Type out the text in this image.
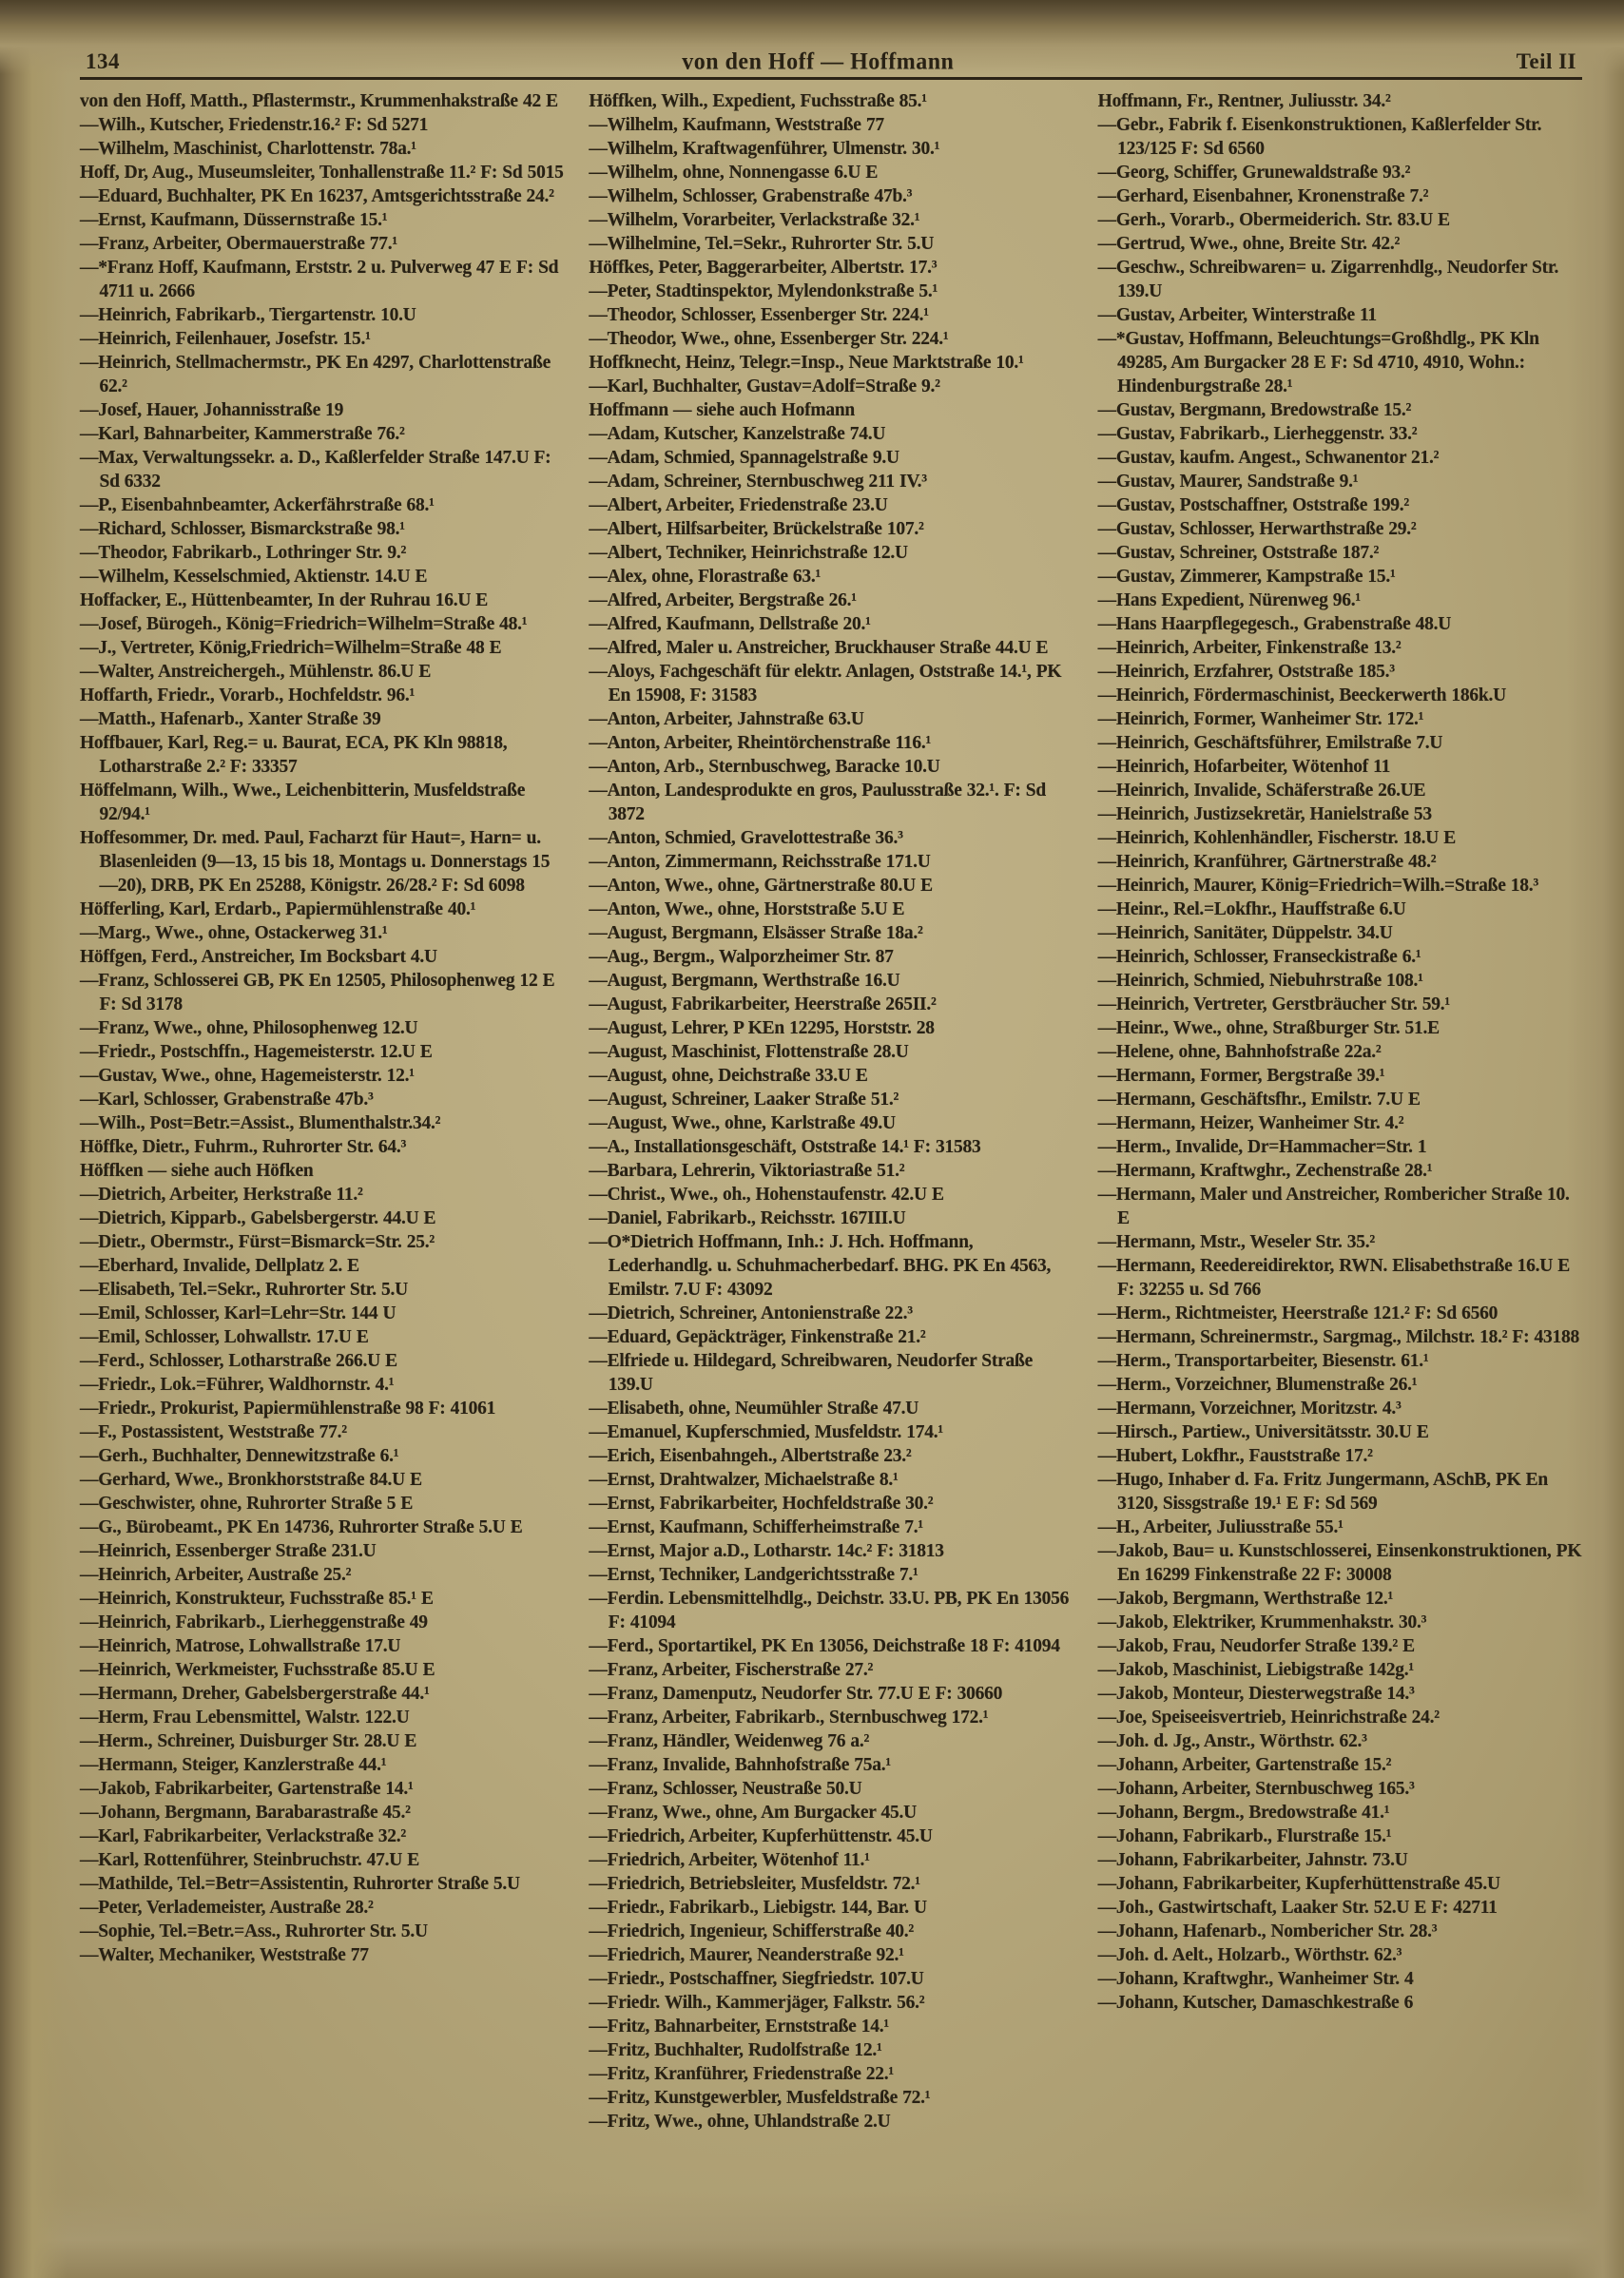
134	von den Hoff — Hoffmann	Teil II

von den Hoff, Matth., Pflastermstr., Krummenhakstraße 42 E

—Wilh., Kutscher, Friedenstr.16.² F: Sd 5271

—Wilhelm, Maschinist, Charlottenstr. 78a.¹

Hoff, Dr, Aug., Museumsleiter, Tonhallenstraße 11.² F: Sd 5015

—Eduard, Buchhalter, PK En 16237, Amtsgerichtsstraße 24.²

—Ernst, Kaufmann, Düssernstraße 15.¹

—Franz, Arbeiter, Obermauerstraße 77.¹

—*Franz Hoff, Kaufmann, Erststr. 2 u. Pulverweg 47 E F: Sd 4711 u. 2666

—Heinrich, Fabrikarb., Tiergartenstr. 10.U

—Heinrich, Feilenhauer, Josefstr. 15.¹

—Heinrich, Stellmachermstr., PK En 4297, Charlottenstraße 62.²

—Josef, Hauer, Johannisstraße 19

—Karl, Bahnarbeiter, Kammerstraße 76.²

—Max, Verwaltungssekr. a. D., Kaßlerfelder Straße 147.U F: Sd 6332

—P., Eisenbahnbeamter, Ackerfährstraße 68.¹

—Richard, Schlosser, Bismarckstraße 98.¹

—Theodor, Fabrikarb., Lothringer Str. 9.²

—Wilhelm, Kesselschmied, Aktienstr. 14.U E

Hoffacker, E., Hüttenbeamter, In der Ruhrau 16.U E

—Josef, Bürogeh., König=Friedrich=Wilhelm=Straße 48.¹

—J., Vertreter, König,Friedrich=Wilhelm=Straße 48 E

—Walter, Anstreichergeh., Mühlenstr. 86.U E

Hoffarth, Friedr., Vorarb., Hochfeldstr. 96.¹

—Matth., Hafenarb., Xanter Straße 39

Hoffbauer, Karl, Reg.= u. Baurat, ECA, PK Kln 98818, Lotharstraße 2.² F: 33357

Höffelmann, Wilh., Wwe., Leichenbitterin, Musfeldstraße 92/94.¹

Hoffesommer, Dr. med. Paul, Facharzt für Haut=, Harn= u. Blasenleiden (9—13, 15 bis 18, Montags u. Donnerstags 15—20), DRB, PK En 25288, Königstr. 26/28.² F: Sd 6098

Höfferling, Karl, Erdarb., Papiermühlenstraße 40.¹

—Marg., Wwe., ohne, Ostackerweg 31.¹

Höffgen, Ferd., Anstreicher, Im Bocksbart 4.U

—Franz, Schlosserei GB, PK En 12505, Philosophenweg 12 E F: Sd 3178

—Franz, Wwe., ohne, Philosophenweg 12.U

—Friedr., Postschffn., Hagemeisterstr. 12.U E

—Gustav, Wwe., ohne, Hagemeisterstr. 12.¹

—Karl, Schlosser, Grabenstraße 47b.³

—Wilh., Post=Betr.=Assist., Blumenthalstr.34.²

Höffke, Dietr., Fuhrm., Ruhrorter Str. 64.³

Höffken — siehe auch Höfken

—Dietrich, Arbeiter, Herkstraße 11.²

—Dietrich, Kipparb., Gabelsbergerstr. 44.U E

—Dietr., Obermstr., Fürst=Bismarck=Str. 25.²

—Eberhard, Invalide, Dellplatz 2. E

—Elisabeth, Tel.=Sekr., Ruhrorter Str. 5.U

—Emil, Schlosser, Karl=Lehr=Str. 144 U

—Emil, Schlosser, Lohwallstr. 17.U E

—Ferd., Schlosser, Lotharstraße 266.U E

—Friedr., Lok.=Führer, Waldhornstr. 4.¹

—Friedr., Prokurist, Papiermühlenstraße 98 F: 41061

—F., Postassistent, Weststraße 77.²

—Gerh., Buchhalter, Dennewitzstraße 6.¹

—Gerhard, Wwe., Bronkhorststraße 84.U E

—Geschwister, ohne, Ruhrorter Straße 5 E

—G., Bürobeamt., PK En 14736, Ruhrorter Straße 5.U E

—Heinrich, Essenberger Straße 231.U

—Heinrich, Arbeiter, Austraße 25.²

—Heinrich, Konstrukteur, Fuchsstraße 85.¹ E

—Heinrich, Fabrikarb., Lierheggenstraße 49

—Heinrich, Matrose, Lohwallstraße 17.U

—Heinrich, Werkmeister, Fuchsstraße 85.U E

—Hermann, Dreher, Gabelsbergerstraße 44.¹

—Herm, Frau Lebensmittel, Walstr. 122.U

—Herm., Schreiner, Duisburger Str. 28.U E

—Hermann, Steiger, Kanzlerstraße 44.¹

—Jakob, Fabrikarbeiter, Gartenstraße 14.¹

—Johann, Bergmann, Barabarastraße 45.²

—Karl, Fabrikarbeiter, Verlackstraße 32.²

—Karl, Rottenführer, Steinbruchstr. 47.U E

—Mathilde, Tel.=Betr=Assistentin, Ruhrorter Straße 5.U

—Peter, Verlademeister, Austraße 28.²

—Sophie, Tel.=Betr.=Ass., Ruhrorter Str. 5.U

—Walter, Mechaniker, Weststraße 77

Höffken, Wilh., Expedient, Fuchsstraße 85.¹

—Wilhelm, Kaufmann, Weststraße 77

—Wilhelm, Kraftwagenführer, Ulmenstr. 30.¹

—Wilhelm, ohne, Nonnengasse 6.U E

—Wilhelm, Schlosser, Grabenstraße 47b.³

—Wilhelm, Vorarbeiter, Verlackstraße 32.¹

—Wilhelmine, Tel.=Sekr., Ruhrorter Str. 5.U

Höffkes, Peter, Baggerarbeiter, Albertstr. 17.³

—Peter, Stadtinspektor, Mylendonkstraße 5.¹

—Theodor, Schlosser, Essenberger Str. 224.¹

—Theodor, Wwe., ohne, Essenberger Str. 224.¹

Hoffknecht, Heinz, Telegr.=Insp., Neue Marktstraße 10.¹

—Karl, Buchhalter, Gustav=Adolf=Straße 9.²

Hoffmann — siehe auch Hofmann

—Adam, Kutscher, Kanzelstraße 74.U

—Adam, Schmied, Spannagelstraße 9.U

—Adam, Schreiner, Sternbuschweg 211 IV.³

—Albert, Arbeiter, Friedenstraße 23.U

—Albert, Hilfsarbeiter, Brückelstraße 107.²

—Albert, Techniker, Heinrichstraße 12.U

—Alex, ohne, Florastraße 63.¹

—Alfred, Arbeiter, Bergstraße 26.¹

—Alfred, Kaufmann, Dellstraße 20.¹

—Alfred, Maler u. Anstreicher, Bruckhauser Straße 44.U E

—Aloys, Fachgeschäft für elektr. Anlagen, Oststraße 14.¹, PK En 15908, F: 31583

—Anton, Arbeiter, Jahnstraße 63.U

—Anton, Arbeiter, Rheintörchenstraße 116.¹

—Anton, Arb., Sternbuschweg, Baracke 10.U

—Anton, Landesprodukte en gros, Paulusstraße 32.¹. F: Sd 3872

—Anton, Schmied, Gravelottestraße 36.³

—Anton, Zimmermann, Reichsstraße 171.U

—Anton, Wwe., ohne, Gärtnerstraße 80.U E

—Anton, Wwe., ohne, Horststraße 5.U E

—August, Bergmann, Elsässer Straße 18a.²

—Aug., Bergm., Walporzheimer Str. 87

—August, Bergmann, Werthstraße 16.U

—August, Fabrikarbeiter, Heerstraße 265II.²

—August, Lehrer, P KEn 12295, Horststr. 28

—August, Maschinist, Flottenstraße 28.U

—August, ohne, Deichstraße 33.U E

—August, Schreiner, Laaker Straße 51.²

—August, Wwe., ohne, Karlstraße 49.U

—A., Installationsgeschäft, Oststraße 14.¹ F: 31583

—Barbara, Lehrerin, Viktoriastraße 51.²

—Christ., Wwe., oh., Hohenstaufenstr. 42.U E

—Daniel, Fabrikarb., Reichsstr. 167III.U

—O*Dietrich Hoffmann, Inh.: J. Hch. Hoffmann, Lederhandlg. u. Schuhmacherbedarf. BHG. PK En 4563, Emilstr. 7.U F: 43092

—Dietrich, Schreiner, Antonienstraße 22.³

—Eduard, Gepäckträger, Finkenstraße 21.²

—Elfriede u. Hildegard, Schreibwaren, Neudorfer Straße 139.U

—Elisabeth, ohne, Neumühler Straße 47.U

—Emanuel, Kupferschmied, Musfeldstr. 174.¹

—Erich, Eisenbahngeh., Albertstraße 23.²

—Ernst, Drahtwalzer, Michaelstraße 8.¹

—Ernst, Fabrikarbeiter, Hochfeldstraße 30.²

—Ernst, Kaufmann, Schifferheimstraße 7.¹

—Ernst, Major a.D., Lotharstr. 14c.² F: 31813

—Ernst, Techniker, Landgerichtsstraße 7.¹

—Ferdin. Lebensmittelhdlg., Deichstr. 33.U. PB, PK En 13056 F: 41094

—Ferd., Sportartikel, PK En 13056, Deichstraße 18 F: 41094

—Franz, Arbeiter, Fischerstraße 27.²

—Franz, Damenputz, Neudorfer Str. 77.U E F: 30660

—Franz, Arbeiter, Fabrikarb., Sternbuschweg 172.¹

—Franz, Händler, Weidenweg 76 a.²

—Franz, Invalide, Bahnhofstraße 75a.¹

—Franz, Schlosser, Neustraße 50.U

—Franz, Wwe., ohne, Am Burgacker 45.U

—Friedrich, Arbeiter, Kupferhüttenstr. 45.U

—Friedrich, Arbeiter, Wötenhof 11.¹

—Friedrich, Betriebsleiter, Musfeldstr. 72.¹

—Friedr., Fabrikarb., Liebigstr. 144, Bar. U

—Friedrich, Ingenieur, Schifferstraße 40.²

—Friedrich, Maurer, Neanderstraße 92.¹

—Friedr., Postschaffner, Siegfriedstr. 107.U

—Friedr. Wilh., Kammerjäger, Falkstr. 56.²

—Fritz, Bahnarbeiter, Ernststraße 14.¹

—Fritz, Buchhalter, Rudolfstraße 12.¹

—Fritz, Kranführer, Friedenstraße 22.¹

—Fritz, Kunstgewerbler, Musfeldstraße 72.¹

—Fritz, Wwe., ohne, Uhlandstraße 2.U

Hoffmann, Fr., Rentner, Juliusstr. 34.²

—Gebr., Fabrik f. Eisenkonstruktionen, Kaßlerfelder Str. 123/125 F: Sd 6560

—Georg, Schiffer, Grunewaldstraße 93.²

—Gerhard, Eisenbahner, Kronenstraße 7.²

—Gerh., Vorarb., Obermeiderich. Str. 83.U E

—Gertrud, Wwe., ohne, Breite Str. 42.²

—Geschw., Schreibwaren= u. Zigarrenhdlg., Neudorfer Str. 139.U

—Gustav, Arbeiter, Winterstraße 11

—*Gustav, Hoffmann, Beleuchtungs=Großhdlg., PK Kln 49285, Am Burgacker 28 E F: Sd 4710, 4910, Wohn.: Hindenburgstraße 28.¹

—Gustav, Bergmann, Bredowstraße 15.²

—Gustav, Fabrikarb., Lierheggenstr. 33.²

—Gustav, kaufm. Angest., Schwanentor 21.²

—Gustav, Maurer, Sandstraße 9.¹

—Gustav, Postschaffner, Oststraße 199.²

—Gustav, Schlosser, Herwarthstraße 29.²

—Gustav, Schreiner, Oststraße 187.²

—Gustav, Zimmerer, Kampstraße 15.¹

—Hans Expedient, Nürenweg 96.¹

—Hans Haarpflegegesch., Grabenstraße 48.U

—Heinrich, Arbeiter, Finkenstraße 13.²

—Heinrich, Erzfahrer, Oststraße 185.³

—Heinrich, Fördermaschinist, Beeckerwerth 186k.U

—Heinrich, Former, Wanheimer Str. 172.¹

—Heinrich, Geschäftsführer, Emilstraße 7.U

—Heinrich, Hofarbeiter, Wötenhof 11

—Heinrich, Invalide, Schäferstraße 26.UE

—Heinrich, Justizsekretär, Hanielstraße 53

—Heinrich, Kohlenhändler, Fischerstr. 18.U E

—Heinrich, Kranführer, Gärtnerstraße 48.²

—Heinrich, Maurer, König=Friedrich=Wilh.=Straße 18.³

—Heinr., Rel.=Lokfhr., Hauffstraße 6.U

—Heinrich, Sanitäter, Düppelstr. 34.U

—Heinrich, Schlosser, Franseckistraße 6.¹

—Heinrich, Schmied, Niebuhrstraße 108.¹

—Heinrich, Vertreter, Gerstbräucher Str. 59.¹

—Heinr., Wwe., ohne, Straßburger Str. 51.E

—Helene, ohne, Bahnhofstraße 22a.²

—Hermann, Former, Bergstraße 39.¹

—Hermann, Geschäftsfhr., Emilstr. 7.U E

—Hermann, Heizer, Wanheimer Str. 4.²

—Herm., Invalide, Dr=Hammacher=Str. 1

—Hermann, Kraftwghr., Zechenstraße 28.¹

—Hermann, Maler und Anstreicher, Rombericher Straße 10. E

—Hermann, Mstr., Weseler Str. 35.²

—Hermann, Reedereidirektor, RWN. Elisabethstraße 16.U E F: 32255 u. Sd 766

—Herm., Richtmeister, Heerstraße 121.² F: Sd 6560

—Hermann, Schreinermstr., Sargmag., Milchstr. 18.² F: 43188

—Herm., Transportarbeiter, Biesenstr. 61.¹

—Herm., Vorzeichner, Blumenstraße 26.¹

—Hermann, Vorzeichner, Moritzstr. 4.³

—Hirsch., Partiew., Universitätsstr. 30.U E

—Hubert, Lokfhr., Fauststraße 17.²

—Hugo, Inhaber d. Fa. Fritz Jungermann, ASchB, PK En 3120, Sissgstraße 19.¹ E F: Sd 569

—H., Arbeiter, Juliusstraße 55.¹

—Jakob, Bau= u. Kunstschlosserei, Einsenkonstruktionen, PK En 16299 Finkenstraße 22 F: 30008

—Jakob, Bergmann, Werthstraße 12.¹

—Jakob, Elektriker, Krummenhakstr. 30.³

—Jakob, Frau, Neudorfer Straße 139.² E

—Jakob, Maschinist, Liebigstraße 142g.¹

—Jakob, Monteur, Diesterwegstraße 14.³

—Joe, Speiseeisvertrieb, Heinrichstraße 24.²

—Joh. d. Jg., Anstr., Wörthstr. 62.³

—Johann, Arbeiter, Gartenstraße 15.²

—Johann, Arbeiter, Sternbuschweg 165.³

—Johann, Bergm., Bredowstraße 41.¹

—Johann, Fabrikarb., Flurstraße 15.¹

—Johann, Fabrikarbeiter, Jahnstr. 73.U

—Johann, Fabrikarbeiter, Kupferhüttenstraße 45.U

—Joh., Gastwirtschaft, Laaker Str. 52.U E F: 42711

—Johann, Hafenarb., Nombericher Str. 28.³

—Joh. d. Aelt., Holzarb., Wörthstr. 62.³

—Johann, Kraftwghr., Wanheimer Str. 4

—Johann, Kutscher, Damaschkestraße 6
